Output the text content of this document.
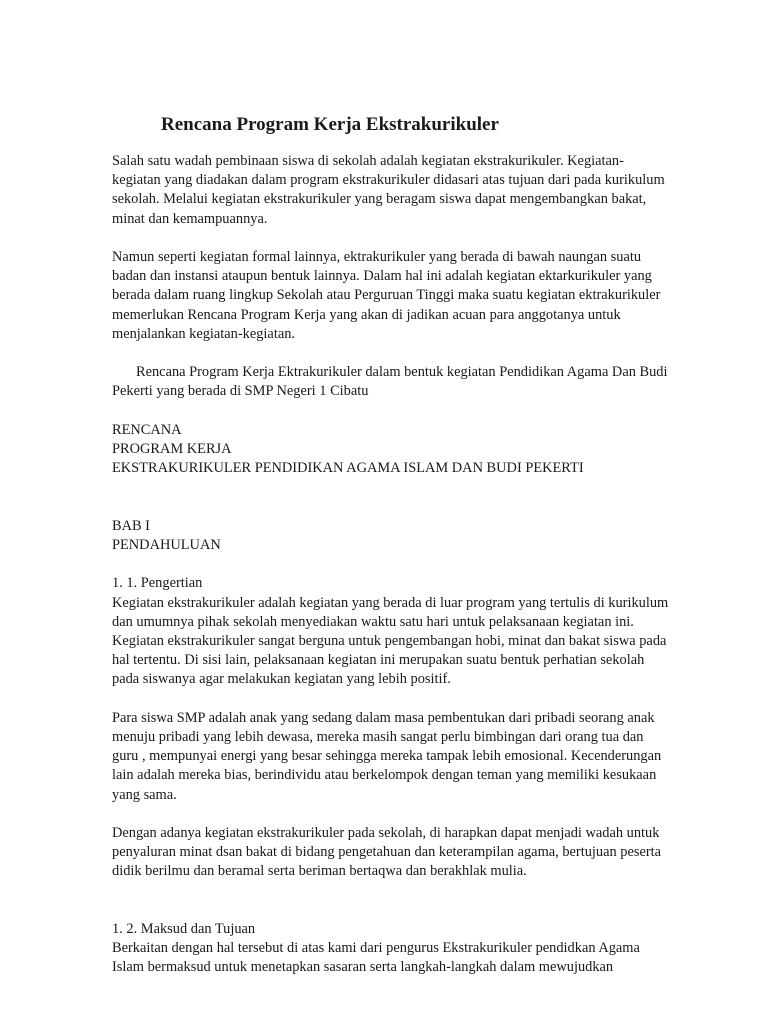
Rencana Program Kerja Ekstrakurikuler

Salah satu wadah pembinaan siswa di sekolah adalah kegiatan ekstrakurikuler. Kegiatan-kegiatan yang diadakan dalam program ekstrakurikuler didasari atas tujuan dari pada kurikulum sekolah. Melalui kegiatan ekstrakurikuler yang beragam siswa dapat mengembangkan bakat, minat dan kemampuannya.

Namun seperti kegiatan formal lainnya, ektrakurikuler yang berada di bawah naungan suatu badan dan instansi ataupun bentuk lainnya. Dalam hal ini adalah kegiatan ektarkurikuler yang berada dalam ruang lingkup Sekolah atau Perguruan Tinggi maka suatu kegiatan ektrakurikuler memerlukan Rencana Program Kerja yang akan di jadikan acuan para anggotanya untuk menjalankan kegiatan-kegiatan.

Rencana Program Kerja Ektrakurikuler dalam bentuk kegiatan Pendidikan Agama Dan Budi Pekerti yang berada di SMP Negeri 1 Cibatu

RENCANA
PROGRAM KERJA
EKSTRAKURIKULER PENDIDIKAN AGAMA ISLAM DAN BUDI PEKERTI
BAB I
PENDAHULUAN
1. 1. Pengertian

Kegiatan ekstrakurikuler adalah kegiatan yang berada di luar program yang tertulis di kurikulum dan umumnya pihak sekolah menyediakan waktu satu hari untuk pelaksanaan kegiatan ini. Kegiatan ekstrakurikuler sangat berguna untuk pengembangan hobi, minat dan bakat siswa pada hal tertentu. Di sisi lain, pelaksanaan kegiatan ini merupakan suatu bentuk perhatian sekolah pada siswanya agar melakukan kegiatan yang lebih positif.

Para siswa SMP adalah anak yang sedang dalam masa pembentukan dari pribadi seorang anak menuju pribadi yang lebih dewasa, mereka masih sangat perlu bimbingan dari orang tua dan guru , mempunyai energi yang besar sehingga mereka tampak lebih emosional. Kecenderungan lain adalah mereka bias, berindividu atau berkelompok dengan teman yang memiliki kesukaan yang sama.

Dengan adanya kegiatan ekstrakurikuler pada sekolah, di harapkan dapat menjadi wadah untuk penyaluran minat dsan bakat di bidang pengetahuan dan keterampilan agama, bertujuan peserta didik berilmu dan beramal serta beriman bertaqwa dan berakhlak mulia.

1. 2. Maksud dan Tujuan

Berkaitan dengan hal tersebut di atas kami dari pengurus Ekstrakurikuler pendidkan Agama Islam bermaksud untuk menetapkan sasaran serta langkah-langkah dalam mewujudkan
